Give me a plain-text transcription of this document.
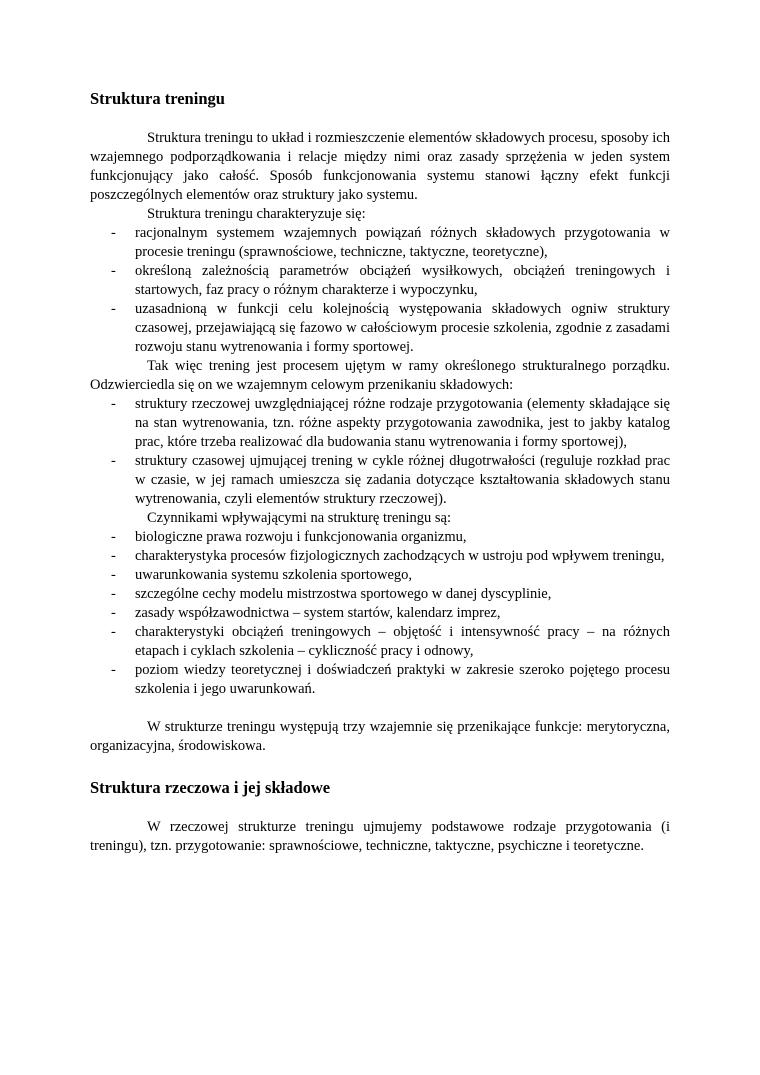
Struktura treningu

Struktura treningu to układ i rozmieszczenie elementów składowych procesu, sposoby ich wzajemnego podporządkowania i relacje między nimi oraz zasady sprzężenia w jeden system funkcjonujący jako całość. Sposób funkcjonowania systemu stanowi łączny efekt funkcji poszczególnych elementów oraz struktury jako systemu.

Struktura treningu charakteryzuje się:

- racjonalnym systemem wzajemnych powiązań różnych składowych przygotowania w procesie treningu (sprawnościowe, techniczne, taktyczne, teoretyczne),
- określoną zależnością parametrów obciążeń wysiłkowych, obciążeń treningowych i startowych, faz pracy o różnym charakterze i wypoczynku,
- uzasadnioną w funkcji celu kolejnością występowania składowych ogniw struktury czasowej, przejawiającą się fazowo w całościowym procesie szkolenia, zgodnie z zasadami rozwoju stanu wytrenowania i formy sportowej.

Tak więc trening jest procesem ujętym w ramy określonego strukturalnego porządku. Odzwierciedla się on we wzajemnym celowym przenikaniu składowych:

- struktury rzeczowej uwzględniającej różne rodzaje przygotowania (elementy składające się na stan wytrenowania, tzn. różne aspekty przygotowania zawodnika, jest to jakby katalog prac, które trzeba realizować dla budowania stanu wytrenowania i formy sportowej),
- struktury czasowej ujmującej trening w cykle różnej długotrwałości (reguluje rozkład prac w czasie, w jej ramach umieszcza się zadania dotyczące kształtowania składowych stanu wytrenowania, czyli elementów struktury rzeczowej).

Czynnikami wpływającymi na strukturę treningu są:

- biologiczne prawa rozwoju i funkcjonowania organizmu,
- charakterystyka procesów fizjologicznych zachodzących w ustroju pod wpływem treningu,
- uwarunkowania systemu szkolenia sportowego,
- szczególne cechy modelu mistrzostwa sportowego w danej dyscyplinie,
- zasady współzawodnictwa – system startów, kalendarz imprez,
- charakterystyki obciążeń treningowych – objętość i intensywność pracy – na różnych etapach i cyklach szkolenia – cykliczność pracy i odnowy,
- poziom wiedzy teoretycznej i doświadczeń praktyki w zakresie szeroko pojętego procesu szkolenia i jego uwarunkowań.

W strukturze treningu występują trzy wzajemnie się przenikające funkcje: merytoryczna, organizacyjna, środowiskowa.

Struktura rzeczowa i jej składowe

W rzeczowej strukturze treningu ujmujemy podstawowe rodzaje przygotowania (i treningu), tzn. przygotowanie: sprawnościowe, techniczne, taktyczne, psychiczne i teoretyczne.
